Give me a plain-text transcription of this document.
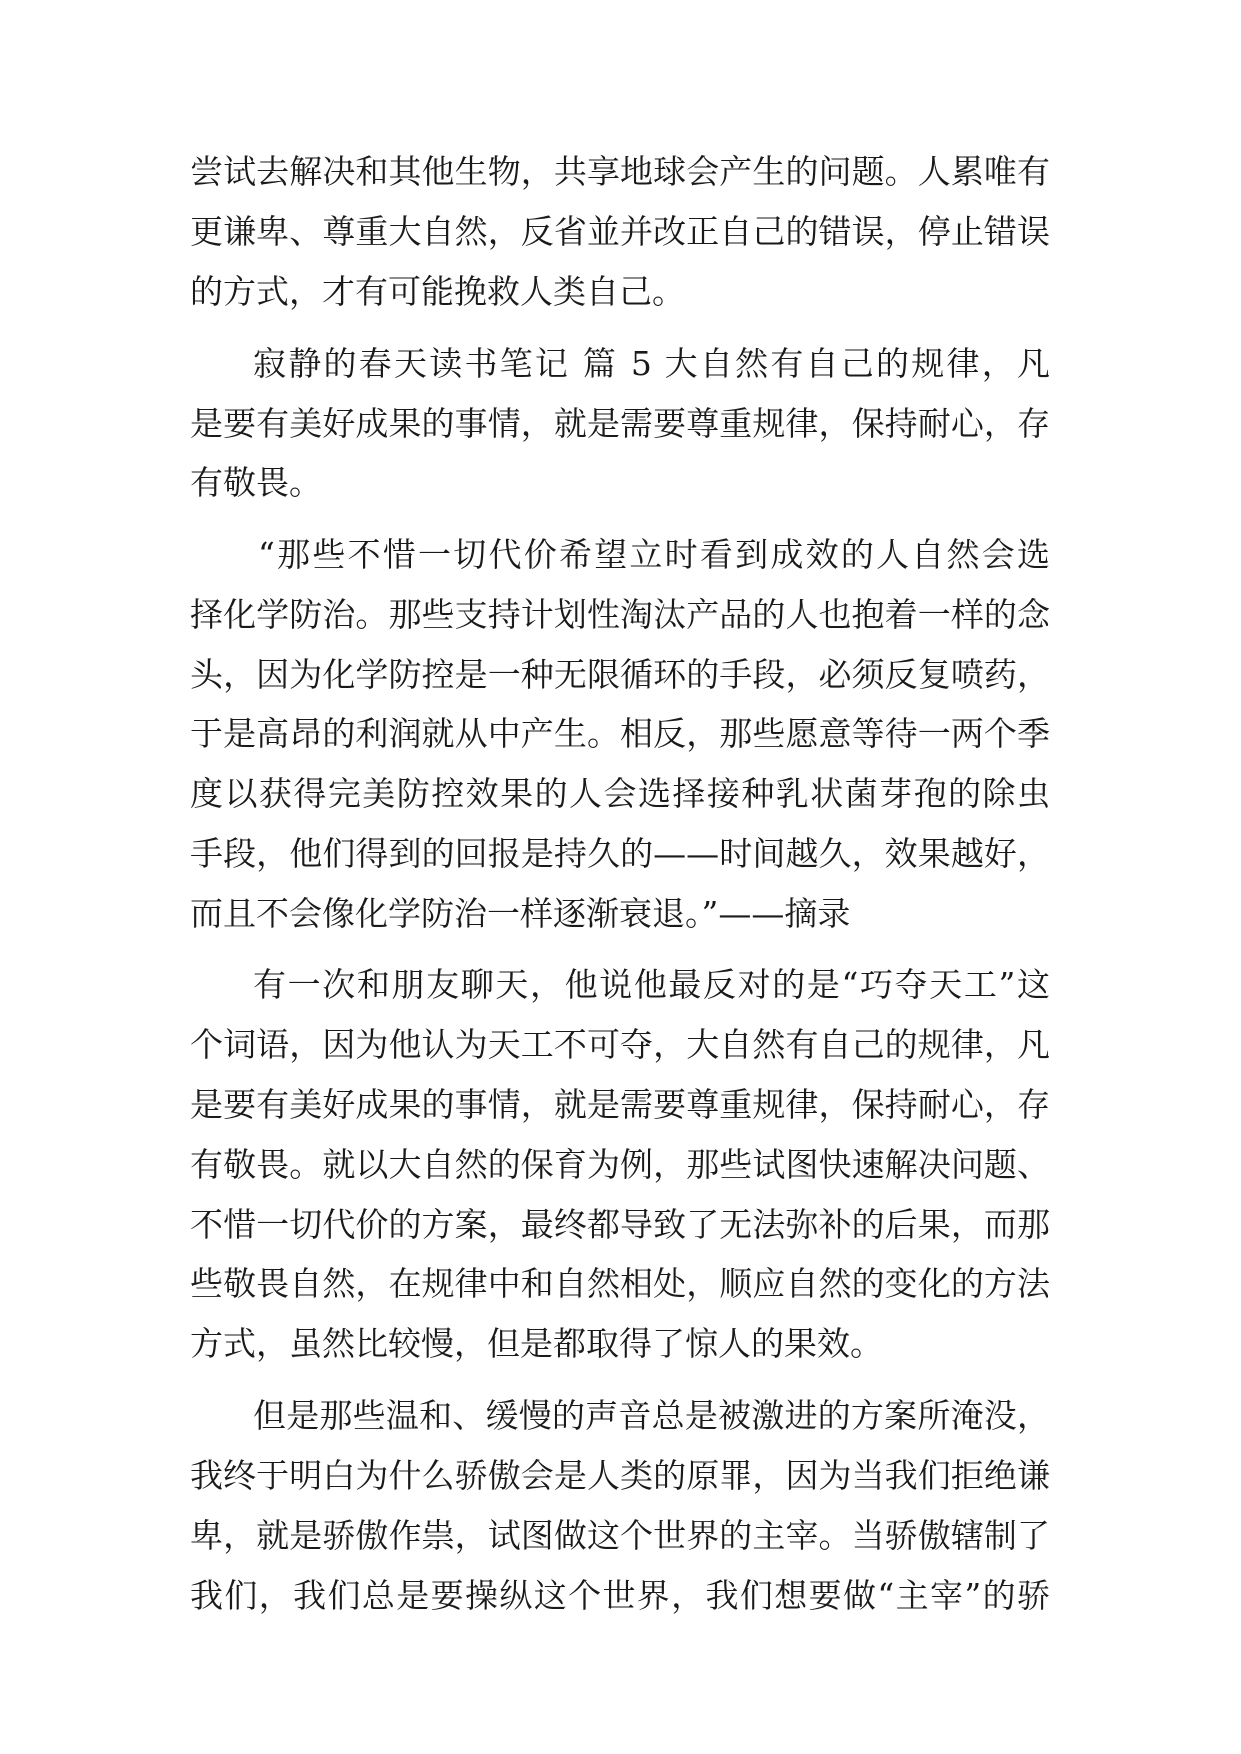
尝试去解决和其他生物，共享地球会产生的问题。人累唯有
更谦卑、尊重大自然，反省並并改正自己的错误，停止错误
的方式，才有可能挽救人类自己。
寂静的春天读书笔记 篇 5 大自然有自己的规律，凡
是要有美好成果的事情，就是需要尊重规律，保持耐心，存
有敬畏。
“那些不惜一切代价希望立时看到成效的人自然会选
择化学防治。那些支持计划性淘汰产品的人也抱着一样的念
头，因为化学防控是一种无限循环的手段，必须反复喷药，
于是高昂的利润就从中产生。相反，那些愿意等待一两个季
度以获得完美防控效果的人会选择接种乳状菌芽孢的除虫
手段，他们得到的回报是持久的——时间越久，效果越好，
而且不会像化学防治一样逐渐衰退。”——摘录
有一次和朋友聊天，他说他最反对的是“巧夺天工”这
个词语，因为他认为天工不可夺，大自然有自己的规律，凡
是要有美好成果的事情，就是需要尊重规律，保持耐心，存
有敬畏。就以大自然的保育为例，那些试图快速解决问题、
不惜一切代价的方案，最终都导致了无法弥补的后果，而那
些敬畏自然，在规律中和自然相处，顺应自然的变化的方法
方式，虽然比较慢，但是都取得了惊人的果效。
但是那些温和、缓慢的声音总是被激进的方案所淹没，
我终于明白为什么骄傲会是人类的原罪，因为当我们拒绝谦
卑，就是骄傲作祟，试图做这个世界的主宰。当骄傲辖制了
我们，我们总是要操纵这个世界，我们想要做“主宰”的骄
